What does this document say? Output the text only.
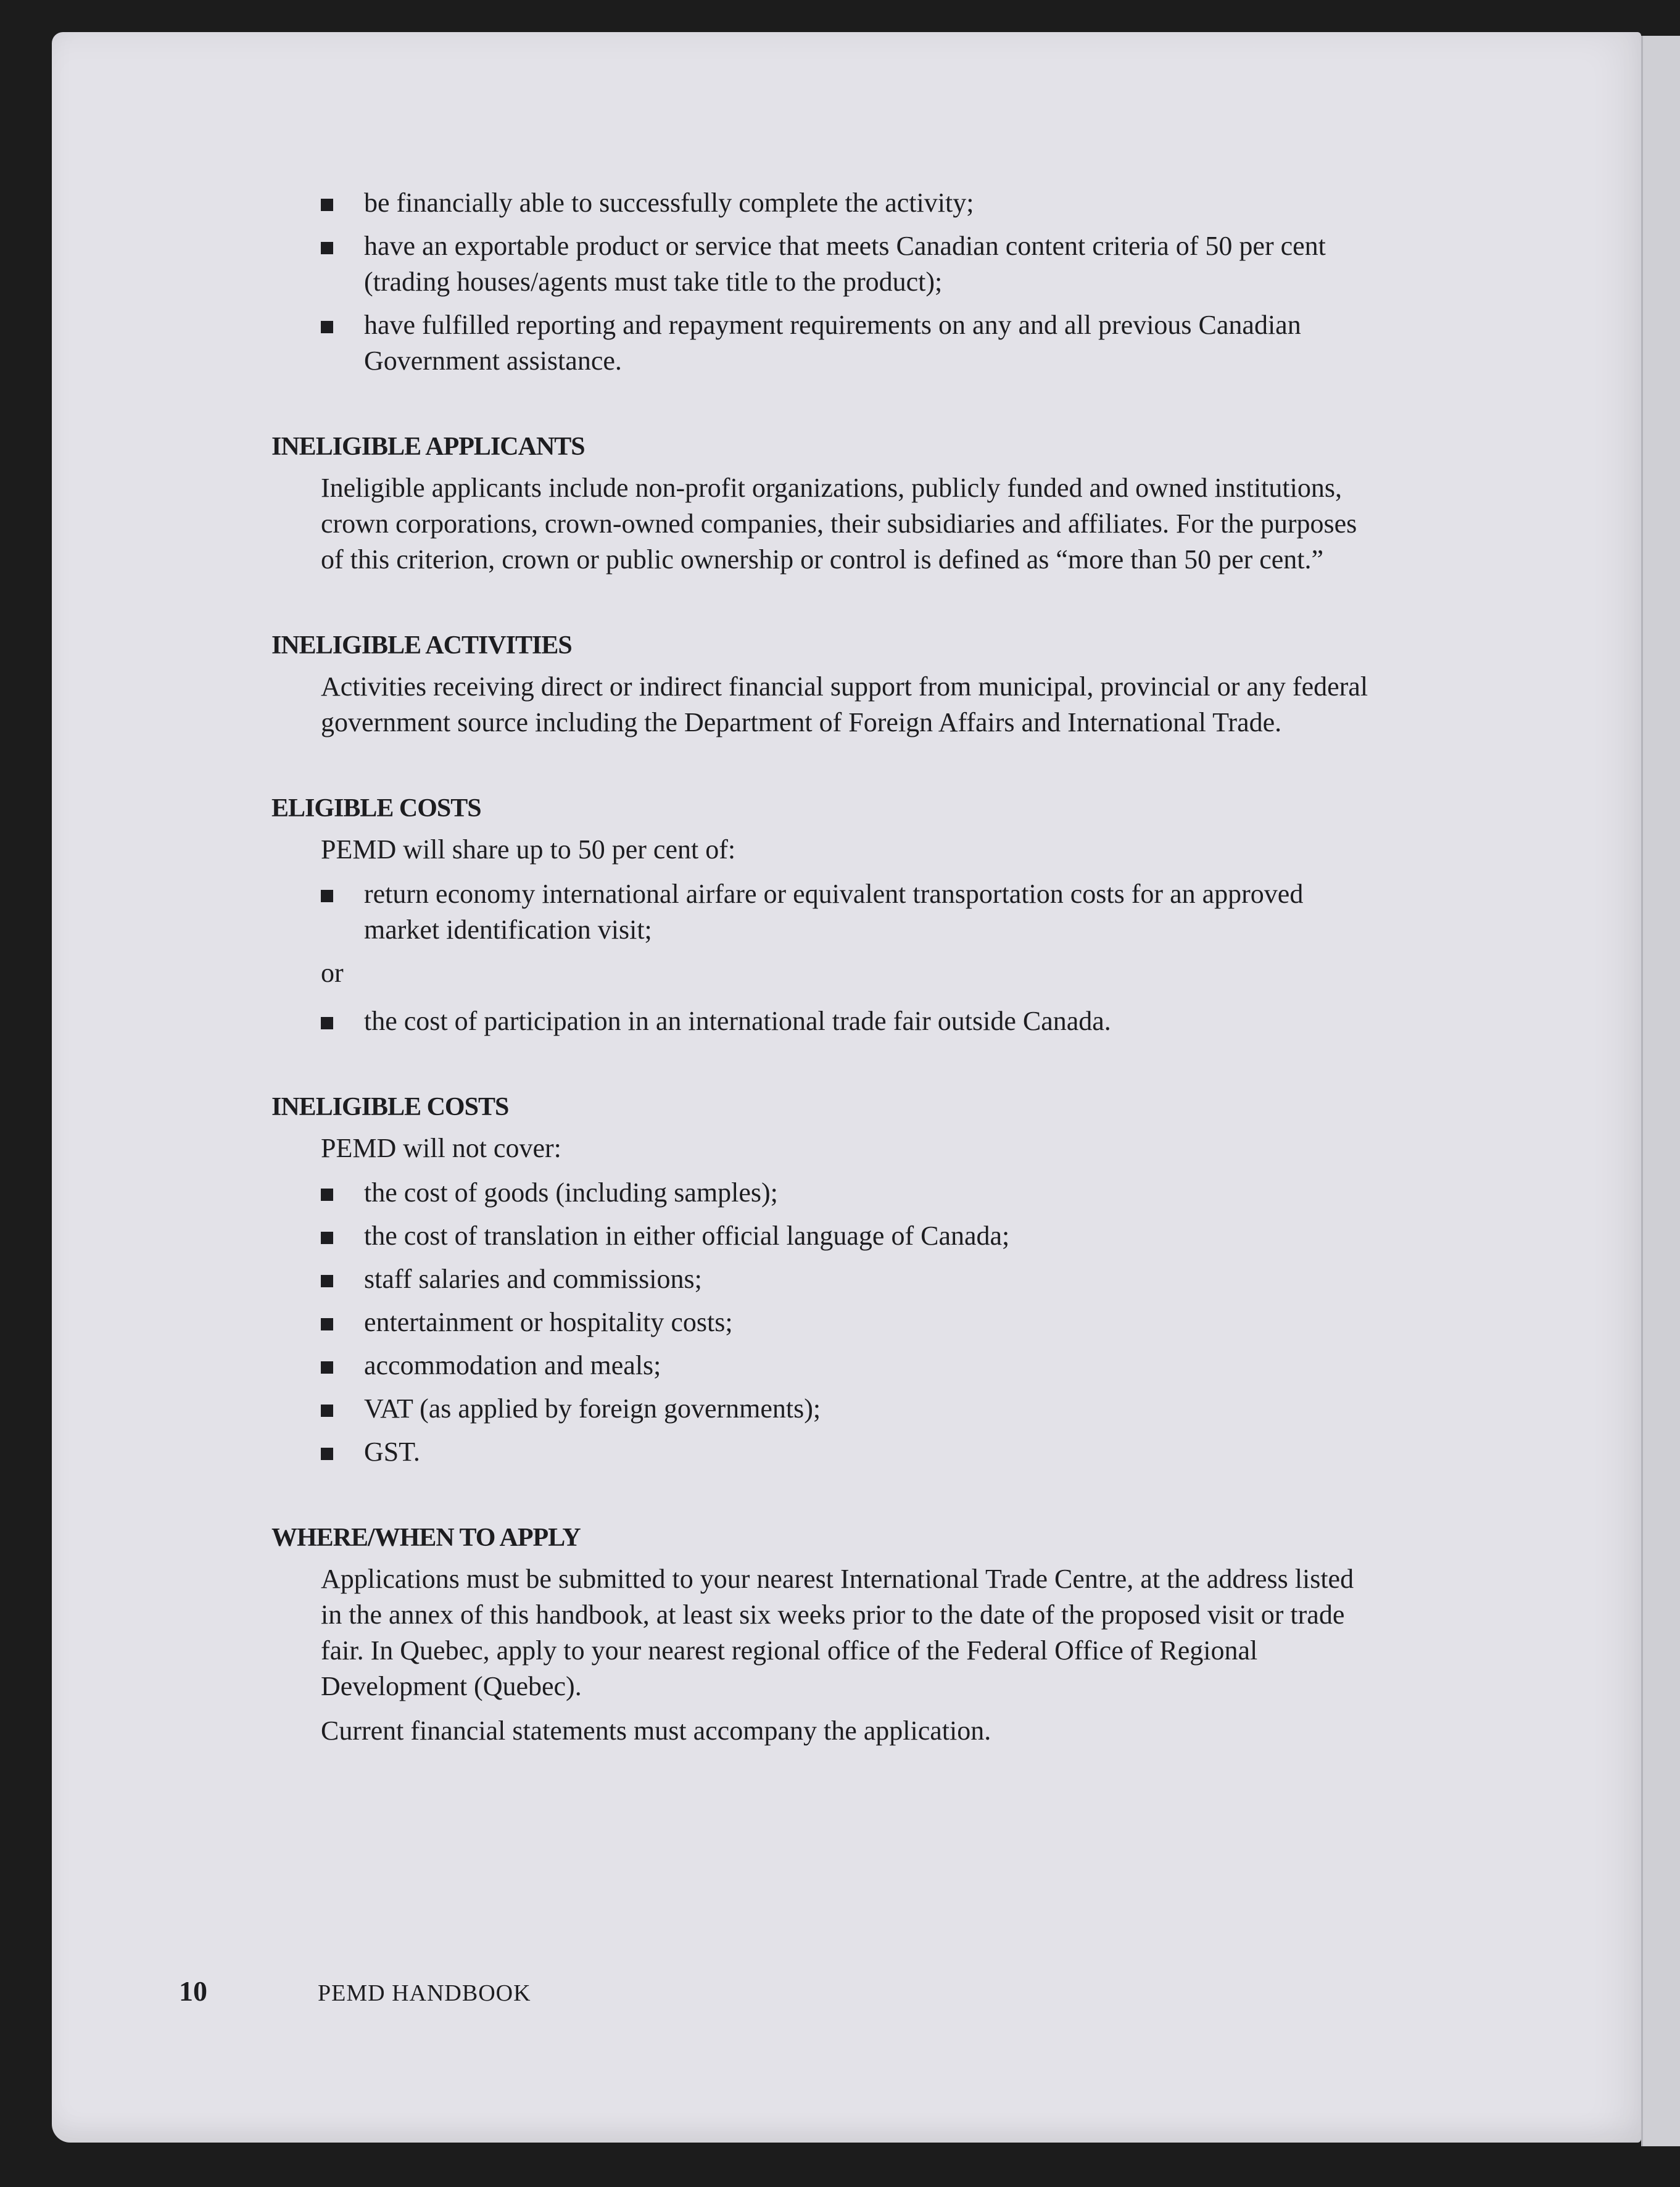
be financially able to successfully complete the activity;
have an exportable product or service that meets Canadian content criteria of 50 per cent (trading houses/agents must take title to the product);
have fulfilled reporting and repayment requirements on any and all previous Canadian Government assistance.
INELIGIBLE APPLICANTS

Ineligible applicants include non-profit organizations, publicly funded and owned institutions, crown corporations, crown-owned companies, their subsidiaries and affiliates. For the purposes of this criterion, crown or public ownership or control is defined as “more than 50 per cent.”

INELIGIBLE ACTIVITIES

Activities receiving direct or indirect financial support from municipal, provincial or any federal government source including the Department of Foreign Affairs and International Trade.

ELIGIBLE COSTS

PEMD will share up to 50 per cent of:

return economy international airfare or equivalent transportation costs for an approved market identification visit;
or
the cost of participation in an international trade fair outside Canada.
INELIGIBLE COSTS

PEMD will not cover:

the cost of goods (including samples);
the cost of translation in either official language of Canada;
staff salaries and commissions;
entertainment or hospitality costs;
accommodation and meals;
VAT (as applied by foreign governments);
GST.
WHERE/WHEN TO APPLY

Applications must be submitted to your nearest International Trade Centre, at the address listed in the annex of this handbook, at least six weeks prior to the date of the proposed visit or trade fair. In Quebec, apply to your nearest regional office of the Federal Office of Regional Development (Quebec).

Current financial statements must accompany the application.

10	PEMD HANDBOOK
